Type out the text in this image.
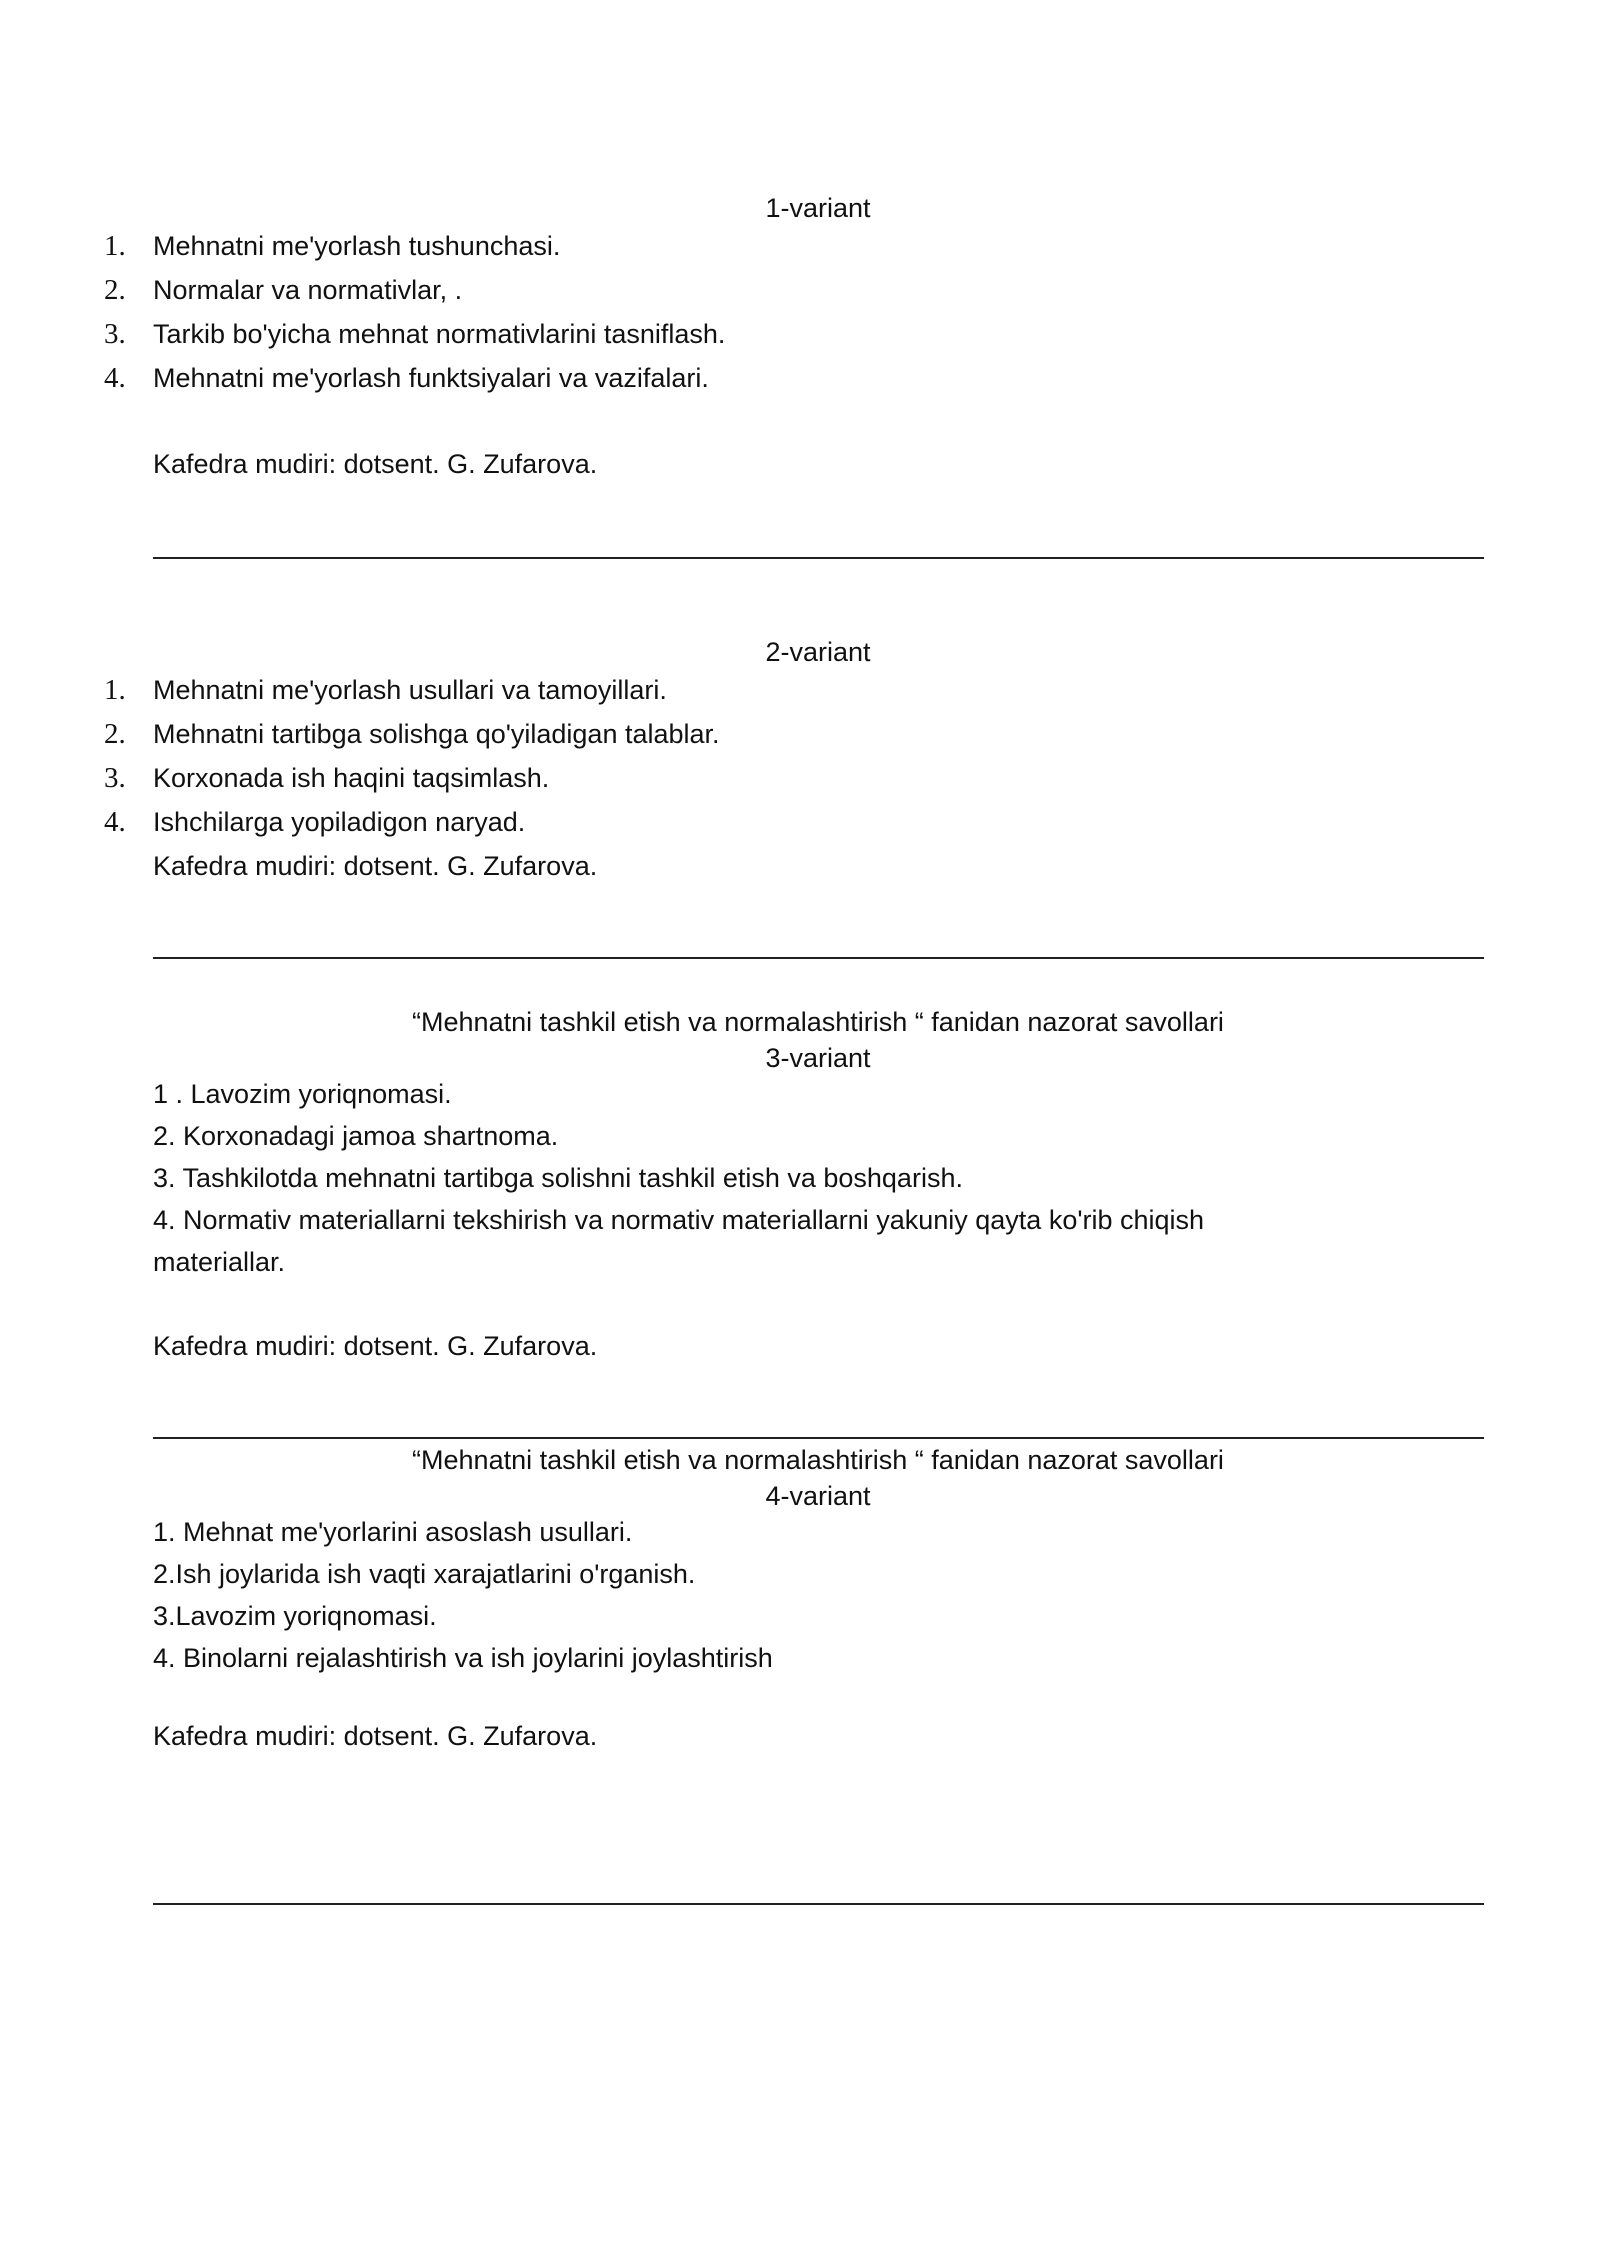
1-variant
1. Mehnatni me'yorlash tushunchasi.
2. Normalar va normativlar, .
3. Tarkib bo'yicha mehnat normativlarini tasniflash.
4. Mehnatni me'yorlash funktsiyalari va vazifalari.
Kafedra mudiri: dotsent. G. Zufarova.
2-variant
1. Mehnatni me'yorlash usullari va tamoyillari.
2. Mehnatni tartibga solishga qo'yiladigan talablar.
3. Korxonada ish haqini taqsimlash.
4. Ishchilarga yopiladigon naryad.
Kafedra mudiri: dotsent. G. Zufarova.
“Mehnatni tashkil etish va normalashtirish “ fanidan nazorat savollari
3-variant
1 . Lavozim yoriqnomasi.
2. Korxonadagi jamoa shartnoma.
3. Tashkilotda mehnatni tartibga solishni tashkil etish va boshqarish.
4. Normativ materiallarni tekshirish va normativ materiallarni yakuniy qayta ko'rib chiqish materiallar.
Kafedra mudiri: dotsent. G. Zufarova.
“Mehnatni tashkil etish va normalashtirish “ fanidan nazorat savollari
4-variant
1. Mehnat me'yorlarini asoslash usullari.
2.Ish joylarida ish vaqti xarajatlarini o'rganish.
3.Lavozim yoriqnomasi.
4. Binolarni rejalashtirish va ish joylarini joylashtirish
Kafedra mudiri: dotsent. G. Zufarova.
